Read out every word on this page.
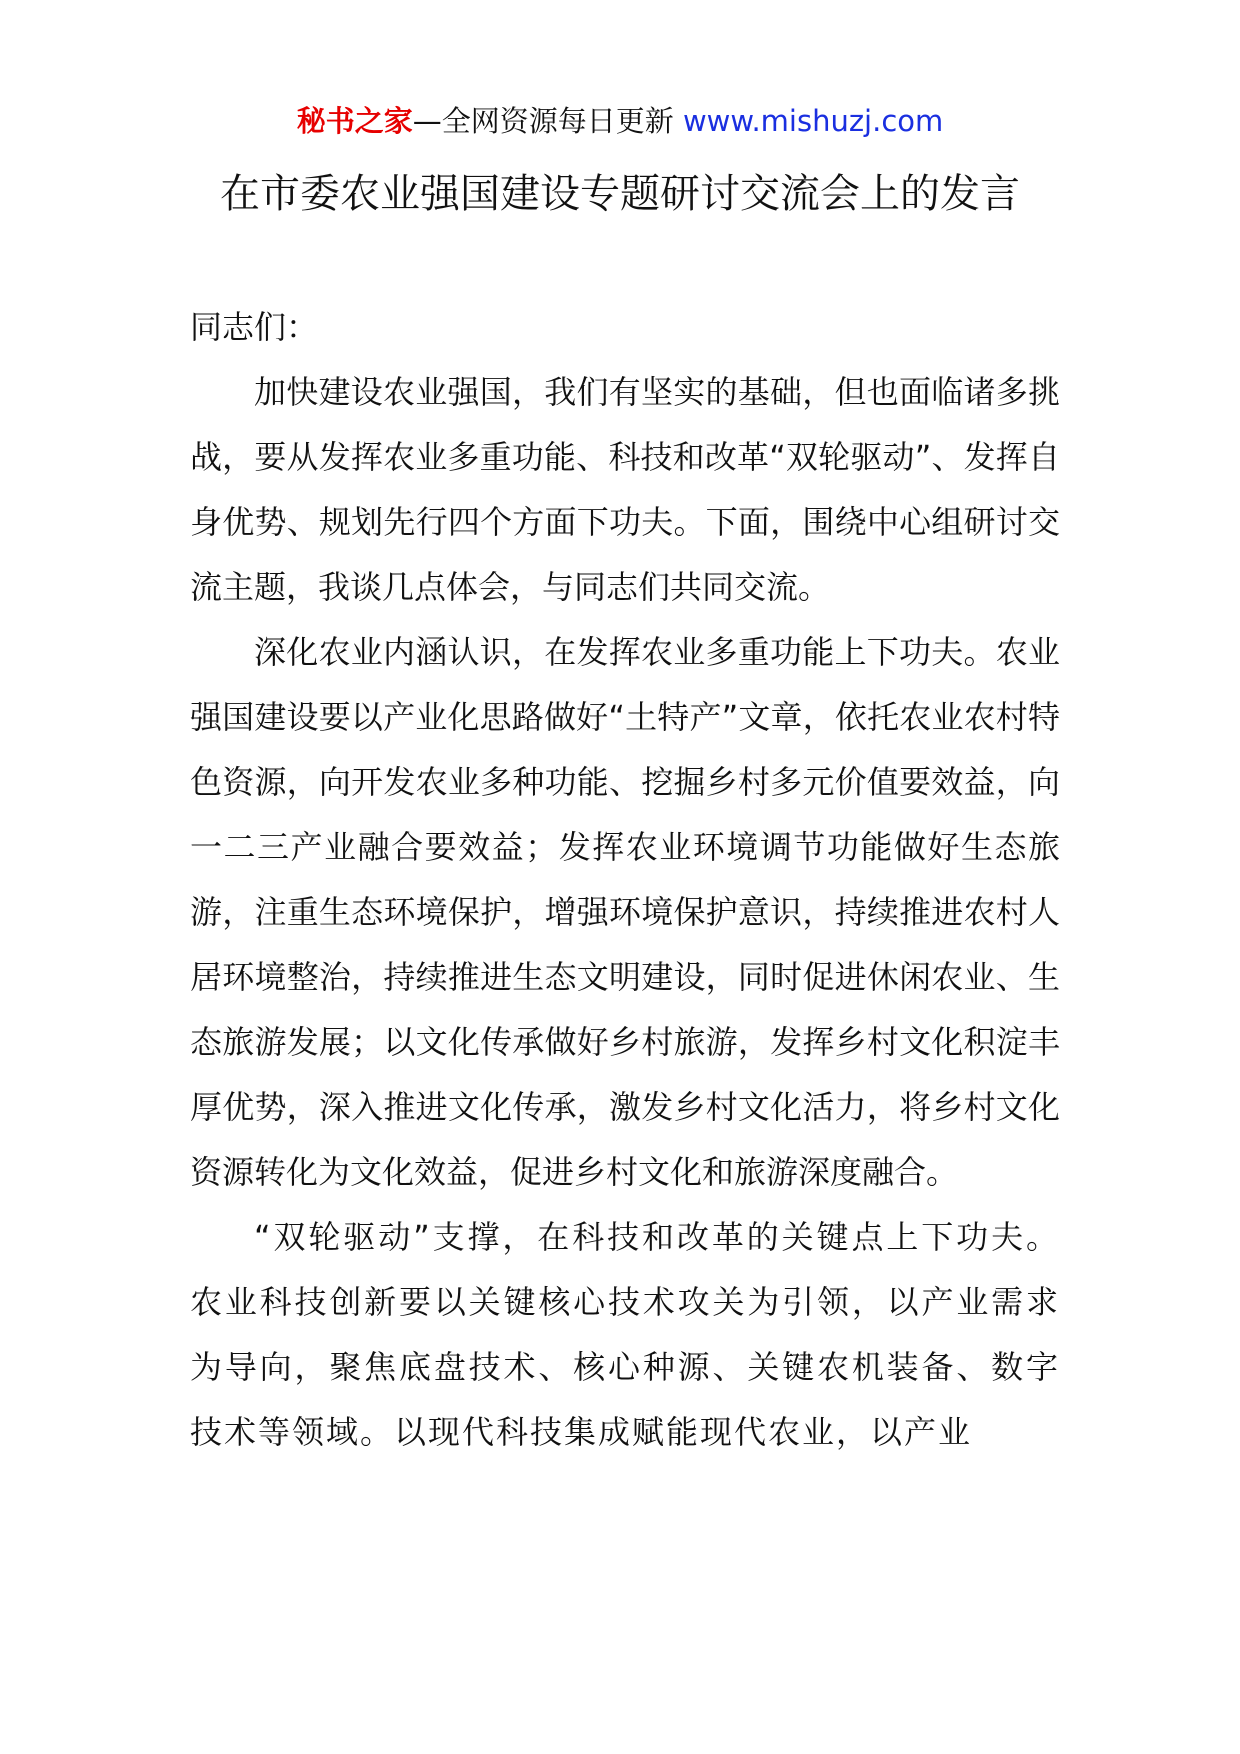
秘书之家—全网资源每日更新 www.mishuzj.com
在市委农业强国建设专题研讨交流会上的发言

同志们：

加快建设农业强国，我们有坚实的基础，但也面临诸多挑战，要从发挥农业多重功能、科技和改革“双轮驱动”、发挥自身优势、规划先行四个方面下功夫。下面，围绕中心组研讨交流主题，我谈几点体会，与同志们共同交流。

深化农业内涵认识，在发挥农业多重功能上下功夫。农业强国建设要以产业化思路做好“土特产”文章，依托农业农村特色资源，向开发农业多种功能、挖掘乡村多元价值要效益，向一二三产业融合要效益；发挥农业环境调节功能做好生态旅游，注重生态环境保护，增强环境保护意识，持续推进农村人居环境整治，持续推进生态文明建设，同时促进休闲农业、生态旅游发展；以文化传承做好乡村旅游，发挥乡村文化积淀丰厚优势，深入推进文化传承，激发乡村文化活力，将乡村文化资源转化为文化效益，促进乡村文化和旅游深度融合。

“双轮驱动”支撑，在科技和改革的关键点上下功夫。农业科技创新要以关键核心技术攻关为引领，以产业需求为导向，聚焦底盘技术、核心种源、关键农机装备、数字技术等领域。以现代科技集成赋能现代农业，以产业
